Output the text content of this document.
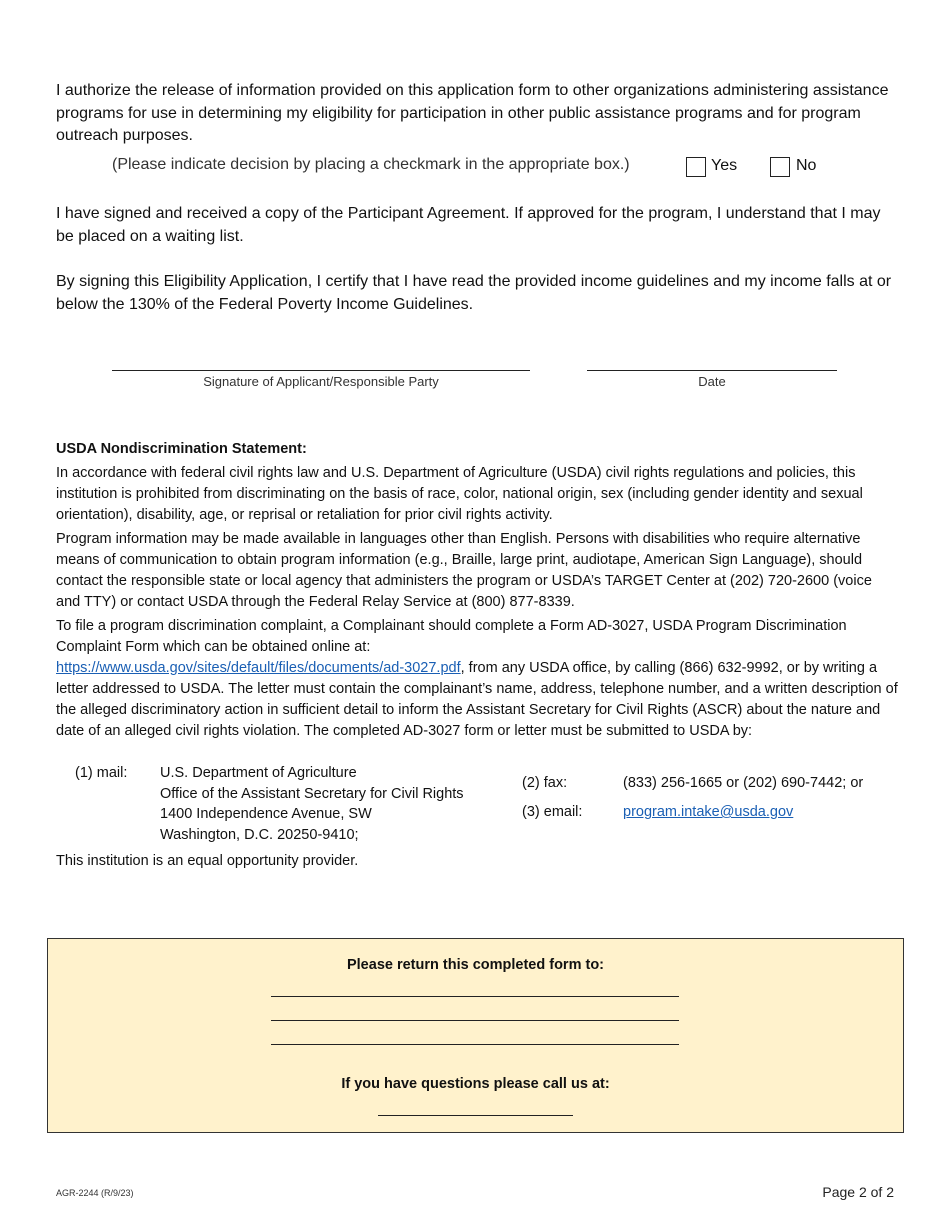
I authorize the release of information provided on this application form to other organizations administering assistance programs for use in determining my eligibility for participation in other public assistance programs and for program outreach purposes.
(Please indicate decision by placing a checkmark in the appropriate box.)	Yes	No
I have signed and received a copy of the Participant Agreement. If approved for the program, I understand that I may be placed on a waiting list.
By signing this Eligibility Application, I certify that I have read the provided income guidelines and my income falls at or below the 130% of the Federal Poverty Income Guidelines.
Signature of Applicant/Responsible Party	Date

USDA Nondiscrimination Statement:

In accordance with federal civil rights law and U.S. Department of Agriculture (USDA) civil rights regulations and policies, this institution is prohibited from discriminating on the basis of race, color, national origin, sex (including gender identity and sexual orientation), disability, age, or reprisal or retaliation for prior civil rights activity.

Program information may be made available in languages other than English. Persons with disabilities who require alternative means of communication to obtain program information (e.g., Braille, large print, audiotape, American Sign Language), should contact the responsible state or local agency that administers the program or USDA’s TARGET Center at (202) 720-2600 (voice and TTY) or contact USDA through the Federal Relay Service at (800) 877-8339.

To file a program discrimination complaint, a Complainant should complete a Form AD-3027, USDA Program Discrimination Complaint Form which can be obtained online at:
https://www.usda.gov/sites/default/files/documents/ad-3027.pdf, from any USDA office, by calling (866) 632-9992, or by writing a letter addressed to USDA. The letter must contain the complainant’s name, address, telephone number, and a written description of the alleged discriminatory action in sufficient detail to inform the Assistant Secretary for Civil Rights (ASCR) about the nature and date of an alleged civil rights violation. The completed AD-3027 form or letter must be submitted to USDA by:

(1) mail: U.S. Department of Agriculture
Office of the Assistant Secretary for Civil Rights
1400 Independence Avenue, SW
Washington, D.C. 20250-9410;
(2) fax:	(833) 256-1665 or (202) 690-7442; or
(3) email:	program.intake@usda.gov
This institution is an equal opportunity provider.
Please return this completed form to:
If you have questions please call us at:
AGR-2244 (R/9/23)	Page 2 of 2
